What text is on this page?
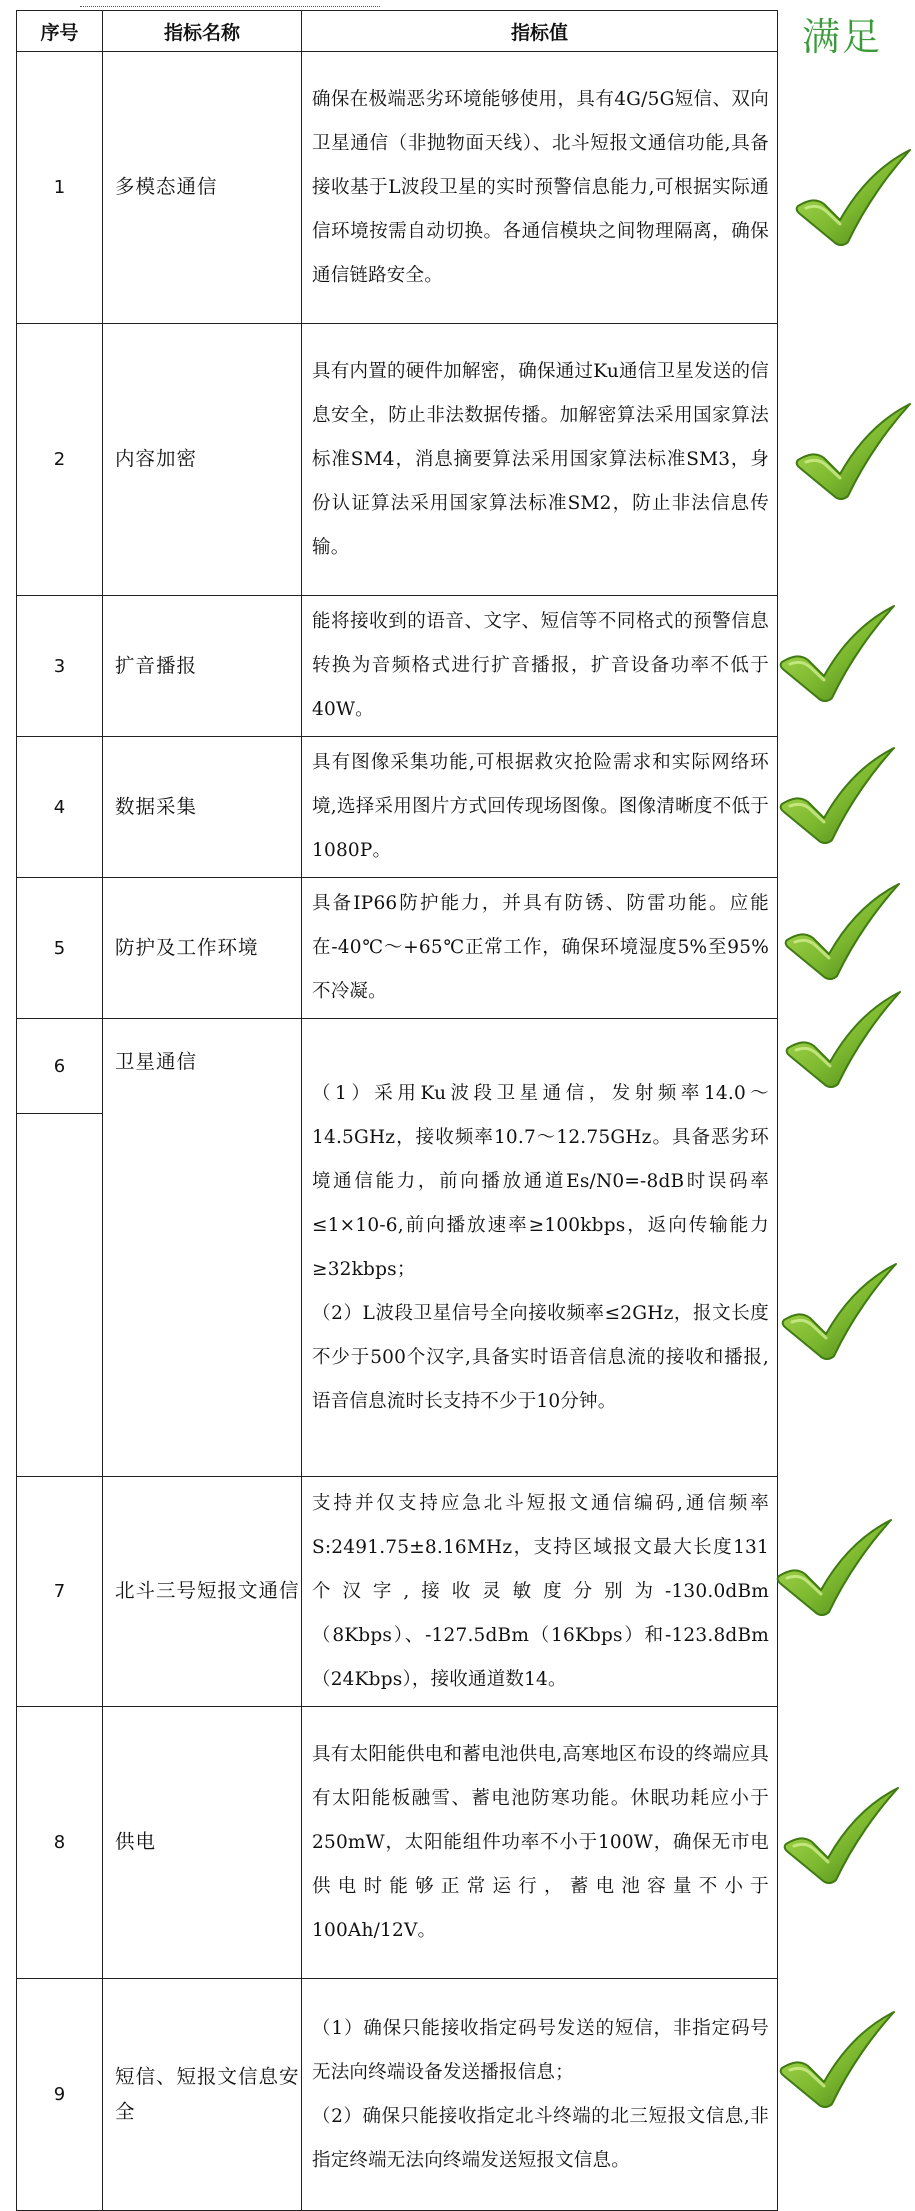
序号	指标名称	指标值
1	多模态通信	确保在极端恶劣环境能够使用，具有4G/5G短信、双向卫星通信（非抛物面天线）、北斗短报文通信功能,具备接收基于L波段卫星的实时预警信息能力,可根据实际通信环境按需自动切换。各通信模块之间物理隔离，确保通信链路安全。
2	内容加密	具有内置的硬件加解密，确保通过Ku通信卫星发送的信息安全，防止非法数据传播。加解密算法采用国家算法标准SM4，消息摘要算法采用国家算法标准SM3，身份认证算法采用国家算法标准SM2，防止非法信息传输。
3	扩音播报	能将接收到的语音、文字、短信等不同格式的预警信息转换为音频格式进行扩音播报，扩音设备功率不低于40W。
4	数据采集	具有图像采集功能,可根据救灾抢险需求和实际网络环境,选择采用图片方式回传现场图像。图像清晰度不低于1080P。
5	防护及工作环境	具备IP66防护能力，并具有防锈、防雷功能。应能在-40℃～+65℃正常工作，确保环境湿度5%至95%不冷凝。

6	卫星通信	（1）采用Ku波段卫星通信，发射频率14.0～14.5GHz，接收频率10.7～12.75GHz。具备恶劣环境通信能力，前向播放通道Es/N0=-8dB时误码率≤1×10-6,前向播放速率≥100kbps，返向传输能力≥32kbps；

（2）L波段卫星信号全向接收频率≤2GHz，报文长度不少于500个汉字,具备实时语音信息流的接收和播报,语音信息流时长支持不少于10分钟。

7	北斗三号短报文通信	支持并仅支持应急北斗短报文通信编码,通信频率S:2491.75±8.16MHz，支持区域报文最大长度131个汉字,接收灵敏度分别为-130.0dBm（8Kbps）、-127.5dBm（16Kbps）和-123.8dBm（24Kbps），接收通道数14。
8	供电	具有太阳能供电和蓄电池供电,高寒地区布设的终端应具有太阳能板融雪、蓄电池防寒功能。休眠功耗应小于250mW，太阳能组件功率不小于100W，确保无市电供电时能够正常运行，蓄电池容量不小于100Ah/12V。
9	短信、短报文信息安全	（1）确保只能接收指定码号发送的短信，非指定码号无法向终端设备发送播报信息；

（2）确保只能接收指定北斗终端的北三短报文信息,非指定终端无法向终端发送短报文信息。

满足
